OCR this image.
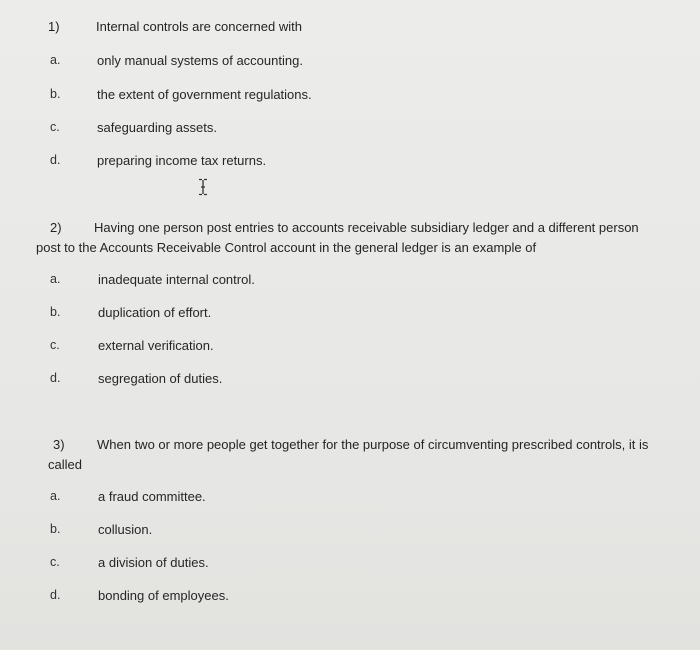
1)	Internal controls are concerned with
a.	only manual systems of accounting.
b.	the extent of government regulations.
c.	safeguarding assets.
d.	preparing income tax returns.
2) Having one person post entries to accounts receivable subsidiary ledger and a different person post to the Accounts Receivable Control account in the general ledger is an example of
a.	inadequate internal control.
b.	duplication of effort.
c.	external verification.
d.	segregation of duties.
3) When two or more people get together for the purpose of circumventing prescribed controls, it is called
a.	a fraud committee.
b.	collusion.
c.	a division of duties.
d.	bonding of employees.
